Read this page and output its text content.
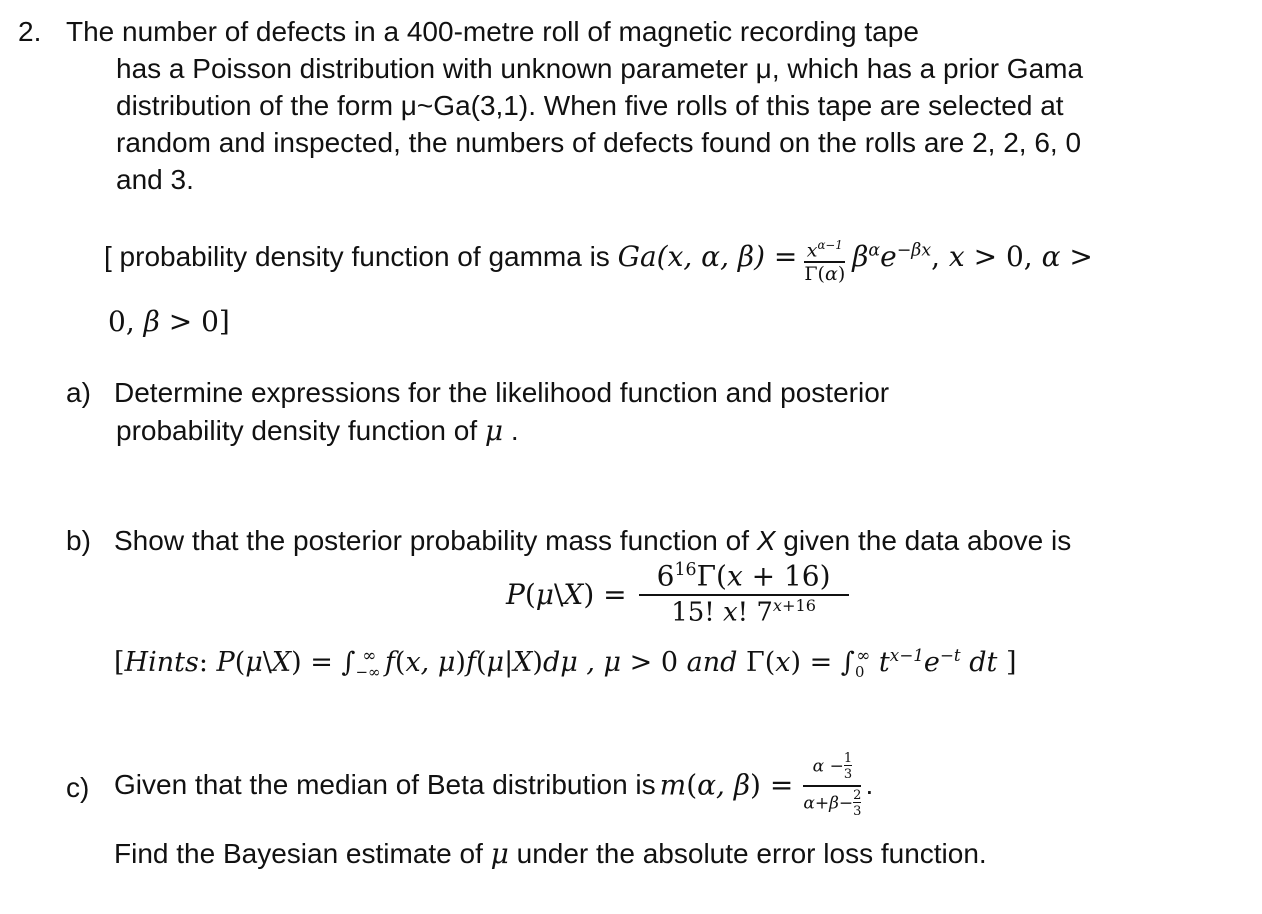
2. The number of defects in a 400-metre roll of magnetic recording tape
has a Poisson distribution with unknown parameter μ, which has a prior Gama
distribution of the form μ~Ga(3,1). When five rolls of this tape are selected at
random and inspected, the numbers of defects found on the rolls are 2, 2, 6, 0
and 3.
[ probability density function of gamma is Ga(x, α, $\beta) = \frac{x^{\alpha-1}}{\Gamma(\alpha)} \beta^\alpha e^{-\beta x}$, x > 0, α >
0, β > 0]
a) Determine expressions for the likelihood function and posterior
probability density function of μ .
b) Show that the posterior probability mass function of X given the data above is
P(μ\X) = $\frac{6^{16}\Gamma(x + 16)}{15! x! 7^{x+16}}$
[Hints: P(μ\X) = $\int_{-\infty}^\infty$ f(x, μ)f(μ|X)dμ , μ > 0 and $\Gamma(x) = \int_0^\infty$ $t^{x-1}e^{-t}$ dt ]
c) Given that the median of Beta distribution is m(α, $\beta) = \frac{\alpha - \frac{1}{3}}{\alpha+\beta- \frac{2}{3}}$ .
Find the Bayesian estimate of μ under the absolute error loss function.
